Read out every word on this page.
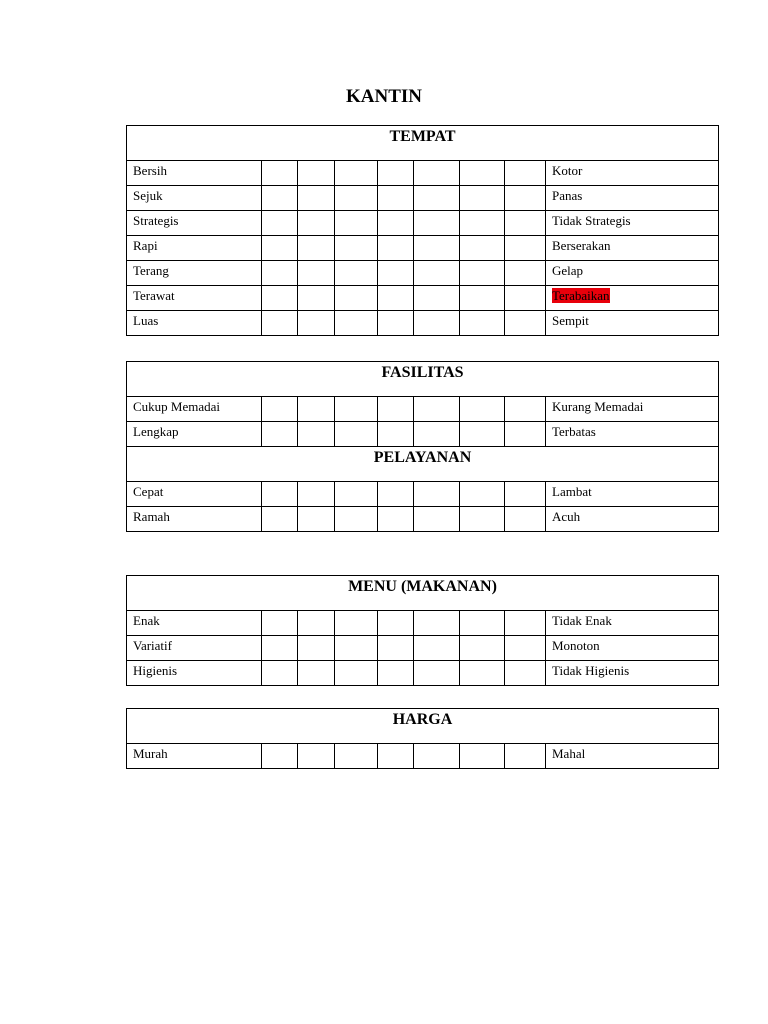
KANTIN
TEMPAT								
Bersih								Kotor
Sejuk								Panas
Strategis								Tidak Strategis
Rapi								Berserakan
Terang								Gelap
Terawat								Terabaikan
Luas								Sempit
FASILITAS								
Cukup Memadai								Kurang Memadai
Lengkap								Terbatas
PELAYANAN								
Cepat								Lambat
Ramah								Acuh
MENU (MAKANAN)								
Enak								Tidak Enak
Variatif								Monoton
Higienis								Tidak Higienis
HARGA
Murah								Mahal
